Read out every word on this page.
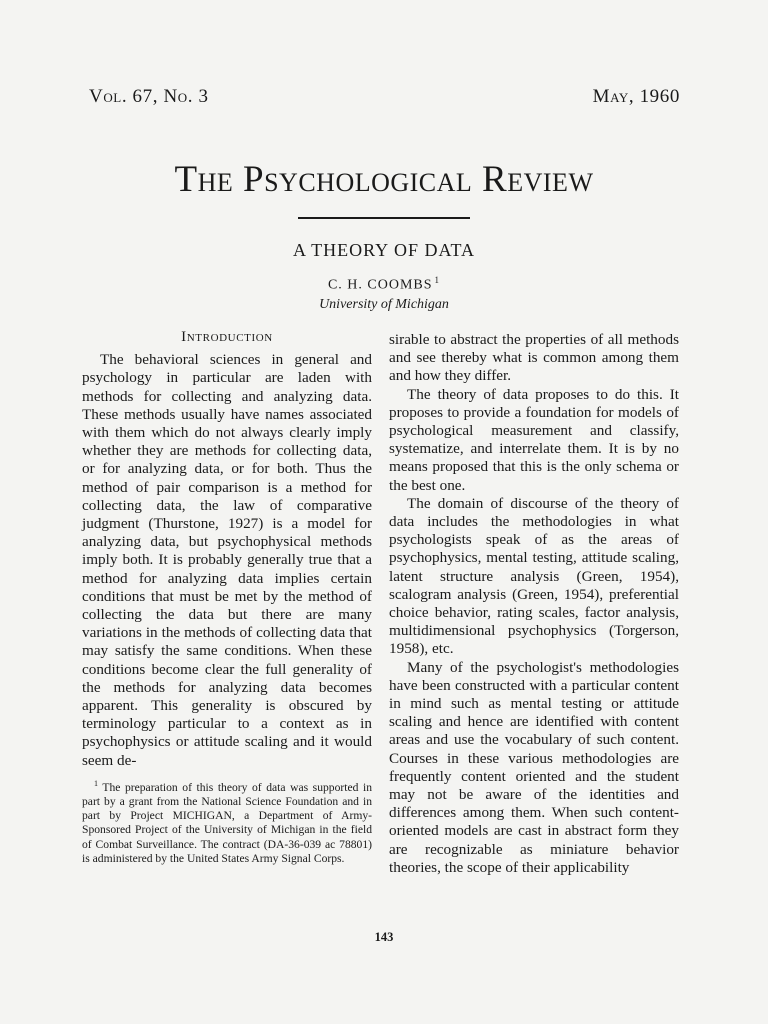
Vol. 67, No. 3	May, 1960
The Psychological Review
A THEORY OF DATA
C. H. COOMBS $^1$
University of Michigan
Introduction

The behavioral sciences in general and psychology in particular are laden with methods for collecting and analyzing data. These methods usually have names associated with them which do not always clearly imply whether they are methods for collecting data, or for analyzing data, or for both. Thus the method of pair comparison is a method for collecting data, the law of comparative judgment (Thurstone, 1927) is a model for analyzing data, but psychophysical methods imply both. It is probably generally true that a method for analyzing data implies certain conditions that must be met by the method of collecting the data but there are many variations in the methods of collecting data that may satisfy the same conditions. When these conditions become clear the full generality of the methods for analyzing data becomes apparent. This generality is obscured by terminology particular to a context as in psychophysics or attitude scaling and it would seem de-

$^1$ The preparation of this theory of data was supported in part by a grant from the National Science Foundation and in part by Project MICHIGAN, a Department of Army-Sponsored Project of the University of Michigan in the field of Combat Surveillance. The contract (DA-36-039 ac 78801) is administered by the United States Army Signal Corps.

sirable to abstract the properties of all methods and see thereby what is common among them and how they differ.

The theory of data proposes to do this. It proposes to provide a foundation for models of psychological measurement and classify, systematize, and interrelate them. It is by no means proposed that this is the only schema or the best one.

The domain of discourse of the theory of data includes the methodologies in what psychologists speak of as the areas of psychophysics, mental testing, attitude scaling, latent structure analysis (Green, 1954), scalogram analysis (Green, 1954), preferential choice behavior, rating scales, factor analysis, multidimensional psychophysics (Torgerson, 1958), etc.

Many of the psychologist's methodologies have been constructed with a particular content in mind such as mental testing or attitude scaling and hence are identified with content areas and use the vocabulary of such content. Courses in these various methodologies are frequently content oriented and the student may not be aware of the identities and differences among them. When such content-oriented models are cast in abstract form they are recognizable as miniature behavior theories, the scope of their applicability

143
